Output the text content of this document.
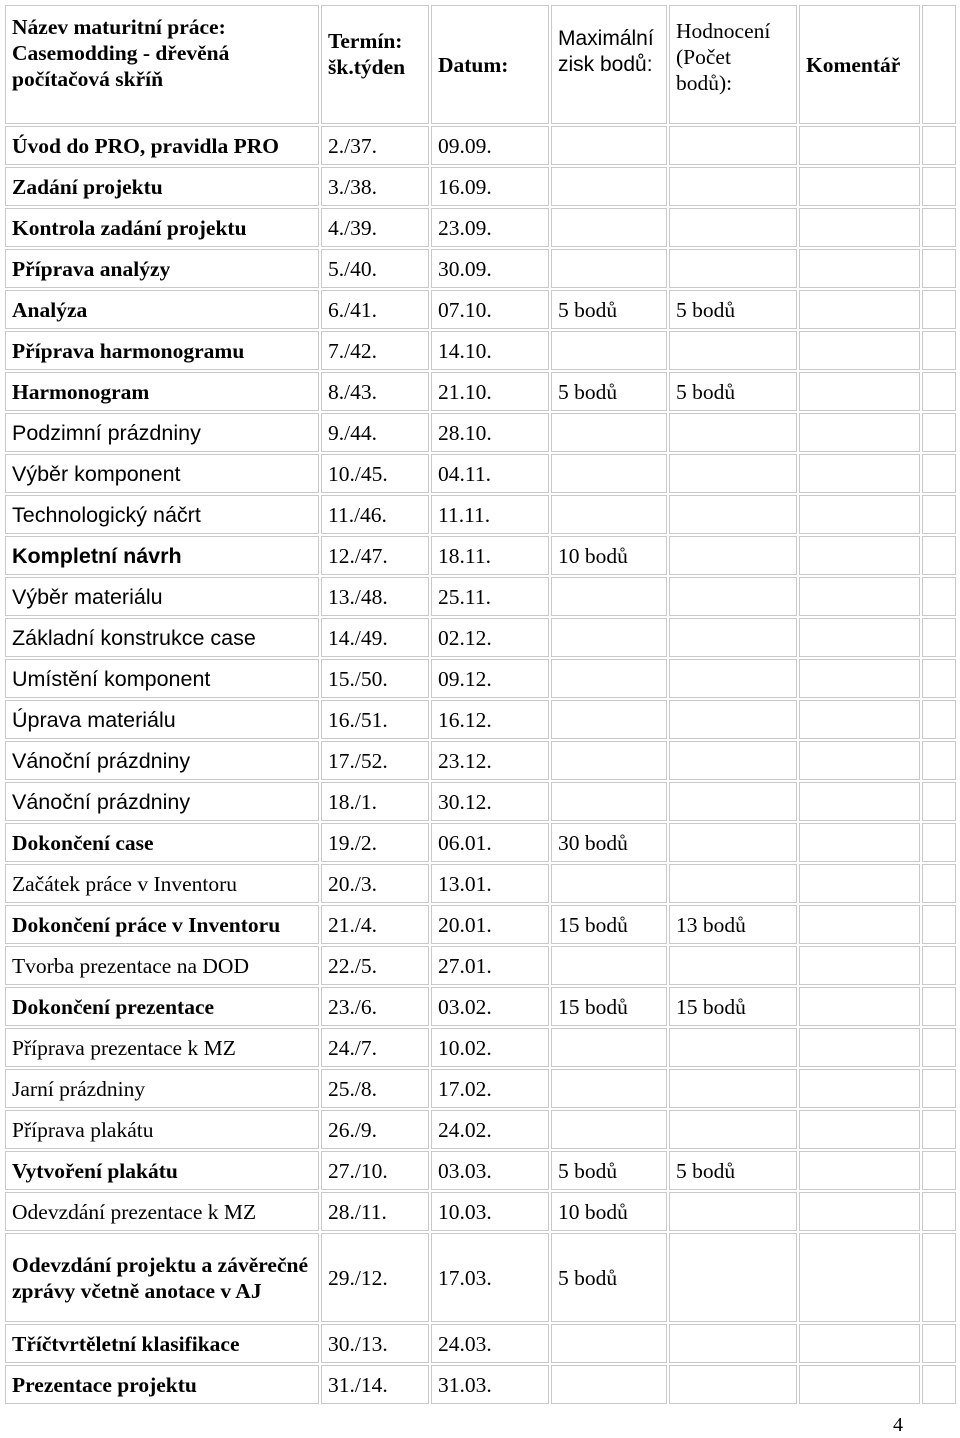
Název maturitní práce: Casemodding - dřevěná počítačová skříň	Termín: šk.týden	Datum:	Maximální zisk bodů:	Hodnocení (Počet bodů):	Komentář	
Úvod do PRO, pravidla PRO	2./37.	09.09.				
Zadání projektu	3./38.	16.09.				
Kontrola zadání projektu	4./39.	23.09.				
Příprava analýzy	5./40.	30.09.				
Analýza	6./41.	07.10.	5 bodů	5 bodů		
Příprava harmonogramu	7./42.	14.10.				
Harmonogram	8./43.	21.10.	5 bodů	5 bodů		
Podzimní prázdniny	9./44.	28.10.				
Výběr komponent	10./45.	04.11.				
Technologický náčrt	11./46.	11.11.				
Kompletní návrh	12./47.	18.11.	10 bodů			
Výběr materiálu	13./48.	25.11.				
Základní konstrukce case	14./49.	02.12.				
Umístění komponent	15./50.	09.12.				
Úprava materiálu	16./51.	16.12.				
Vánoční prázdniny	17./52.	23.12.				
Vánoční prázdniny	18./1.	30.12.				
Dokončení case	19./2.	06.01.	30 bodů			
Začátek práce v Inventoru	20./3.	13.01.				
Dokončení práce v Inventoru	21./4.	20.01.	15 bodů	13 bodů		
Tvorba prezentace na DOD	22./5.	27.01.				
Dokončení prezentace	23./6.	03.02.	15 bodů	15 bodů		
Příprava prezentace k MZ	24./7.	10.02.				
Jarní prázdniny	25./8.	17.02.				
Příprava plakátu	26./9.	24.02.				
Vytvoření plakátu	27./10.	03.03.	5 bodů	5 bodů		
Odevzdání prezentace k MZ	28./11.	10.03.	10 bodů			
Odevzdání projektu a závěrečné zprávy včetně anotace v AJ	29./12.	17.03.	5 bodů			
Tříčtvrtěletní klasifikace	30./13.	24.03.				
Prezentace projektu	31./14.	31.03.				
4
